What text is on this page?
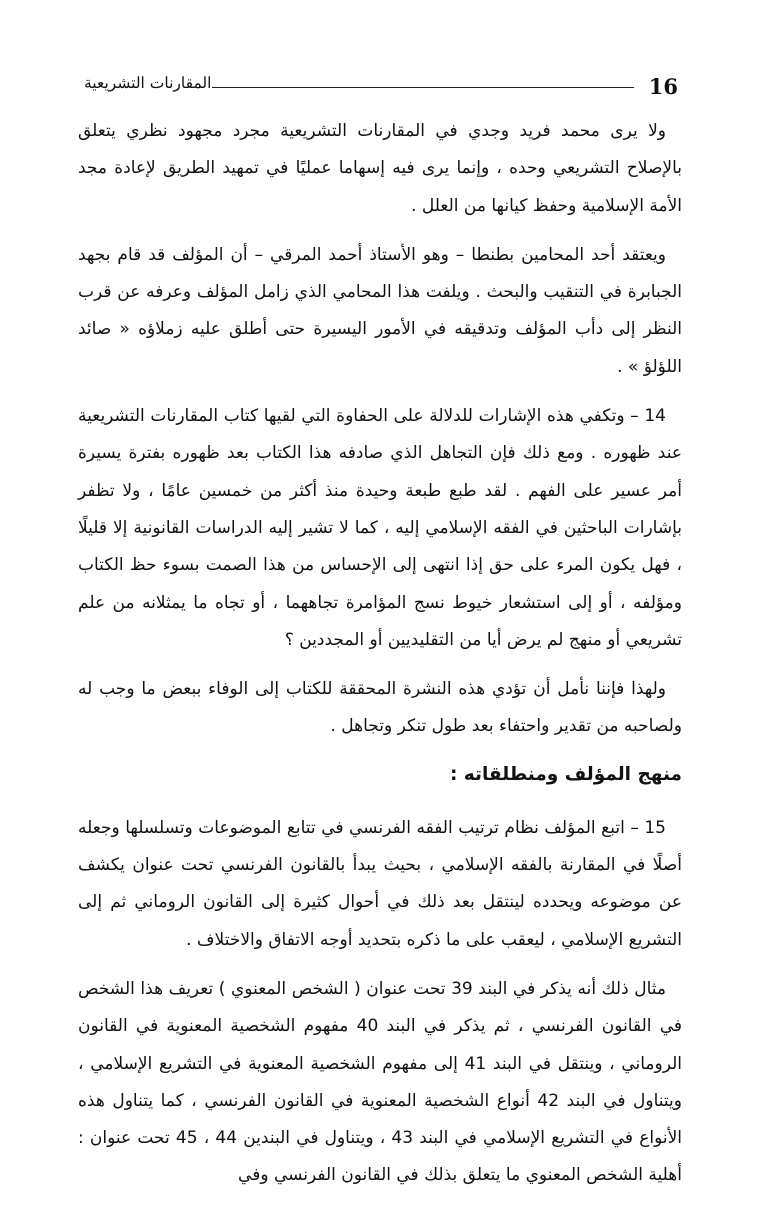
16
المقارنات التشريعية

ولا يرى محمد فريد وجدي في المقارنات التشريعية مجرد مجهود نظري يتعلق بالإصلاح التشريعي وحده ، وإنما يرى فيه إسهاما عمليًا في تمهيد الطريق لإعادة مجد الأمة الإسلامية وحفظ كيانها من العلل .

ويعتقد أحد المحامين بطنطا – وهو الأستاذ أحمد المرقي – أن المؤلف قد قام بجهد الجبابرة في التنقيب والبحث . ويلفت هذا المحامي الذي زامل المؤلف وعرفه عن قرب النظر إلى دأب المؤلف وتدقيقه في الأمور اليسيرة حتى أطلق عليه زملاؤه « صائد اللؤلؤ » .

14 – وتكفي هذه الإشارات للدلالة على الحفاوة التي لقيها كتاب المقارنات التشريعية عند ظهوره . ومع ذلك فإن التجاهل الذي صادفه هذا الكتاب بعد ظهوره بفترة يسيرة أمر عسير على الفهم . لقد طبع طبعة وحيدة منذ أكثر من خمسين عامًا ، ولا تظفر بإشارات الباحثين في الفقه الإسلامي إليه ، كما لا تشير إليه الدراسات القانونية إلا قليلًا ، فهل يكون المرء على حق إذا انتهى إلى الإحساس من هذا الصمت بسوء حظ الكتاب ومؤلفه ، أو إلى استشعار خيوط نسج المؤامرة تجاههما ، أو تجاه ما يمثلانه من علم تشريعي أو منهج لم يرض أيا من التقليديين أو المجددين ؟

ولهذا فإننا نأمل أن تؤدي هذه النشرة المحققة للكتاب إلى الوفاء ببعض ما وجب له ولصاحبه من تقدير واحتفاء بعد طول تنكر وتجاهل .

منهج المؤلف ومنطلقاته :

15 – اتبع المؤلف نظام ترتيب الفقه الفرنسي في تتابع الموضوعات وتسلسلها وجعله أصلًا في المقارنة بالفقه الإسلامي ، بحيث يبدأ بالقانون الفرنسي تحت عنوان يكشف عن موضوعه ويحدده لينتقل بعد ذلك في أحوال كثيرة إلى القانون الروماني ثم إلى التشريع الإسلامي ، ليعقب على ما ذكره بتحديد أوجه الاتفاق والاختلاف .

مثال ذلك أنه يذكر في البند 39 تحت عنوان ( الشخص المعنوي ) تعريف هذا الشخص في القانون الفرنسي ، ثم يذكر في البند 40 مفهوم الشخصية المعنوية في القانون الروماني ، وينتقل في البند 41 إلى مفهوم الشخصية المعنوية في التشريع الإسلامي ، ويتناول في البند 42 أنواع الشخصية المعنوية في القانون الفرنسي ، كما يتناول هذه الأنواع في التشريع الإسلامي في البند 43 ، ويتناول في البندين 44 ، 45 تحت عنوان : أهلية الشخص المعنوي ما يتعلق بذلك في القانون الفرنسي وفي
